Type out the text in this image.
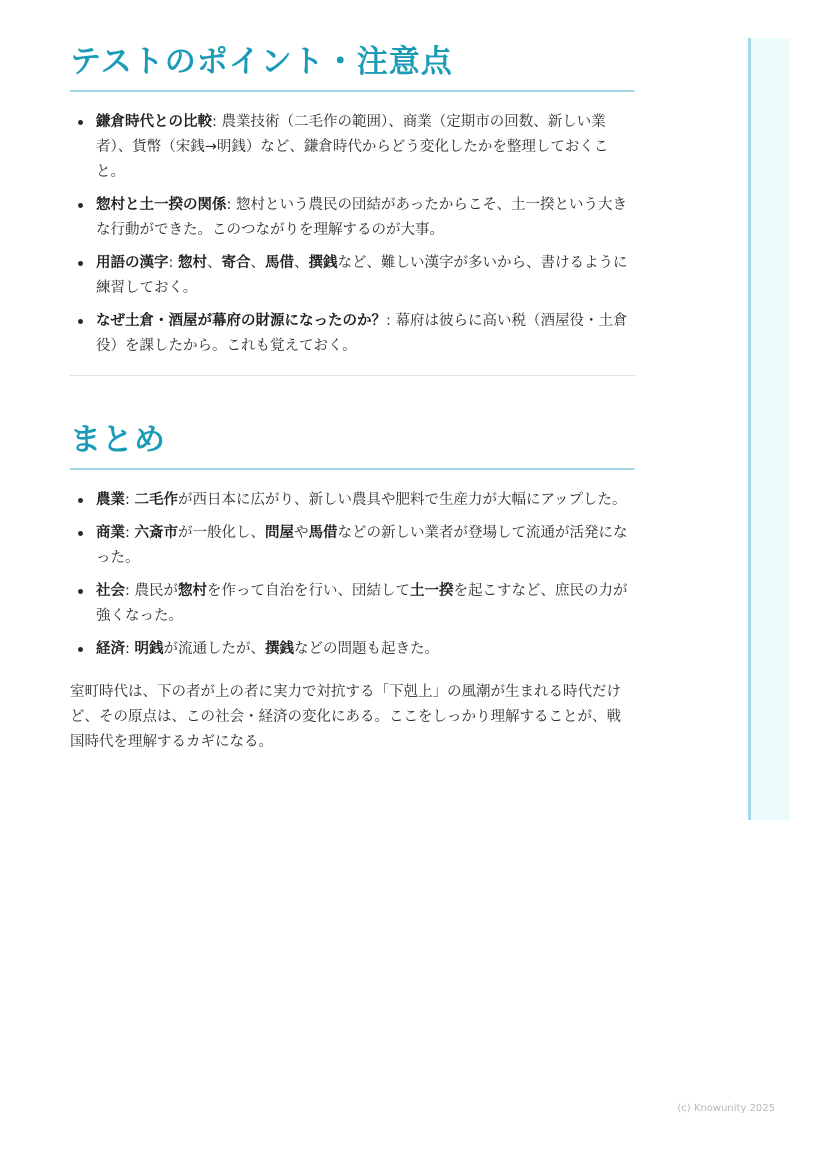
テストのポイント・注意点
鎌倉時代との比較: 農業技術（二毛作の範囲）、商業（定期市の回数、新しい業者）、貨幣（宋銭→明銭）など、鎌倉時代からどう変化したかを整理しておくこと。
惣村と土一揆の関係: 惣村という農民の団結があったからこそ、土一揆という大きな行動ができた。このつながりを理解するのが大事。
用語の漢字: 惣村、寄合、馬借、撰銭など、難しい漢字が多いから、書けるように練習しておく。
なぜ土倉・酒屋が幕府の財源になったのか？: 幕府は彼らに高い税（酒屋役・土倉役）を課したから。これも覚えておく。
まとめ
農業: 二毛作が西日本に広がり、新しい農具や肥料で生産力が大幅にアップした。
商業: 六斎市が一般化し、問屋や馬借などの新しい業者が登場して流通が活発になった。
社会: 農民が惣村を作って自治を行い、団結して土一揆を起こすなど、庶民の力が強くなった。
経済: 明銭が流通したが、撰銭などの問題も起きた。

室町時代は、下の者が上の者に実力で対抗する「下剋上」の風潮が生まれる時代だけど、その原点は、この社会・経済の変化にある。ここをしっかり理解することが、戦国時代を理解するカギになる。

(c) Knowunity 2025
